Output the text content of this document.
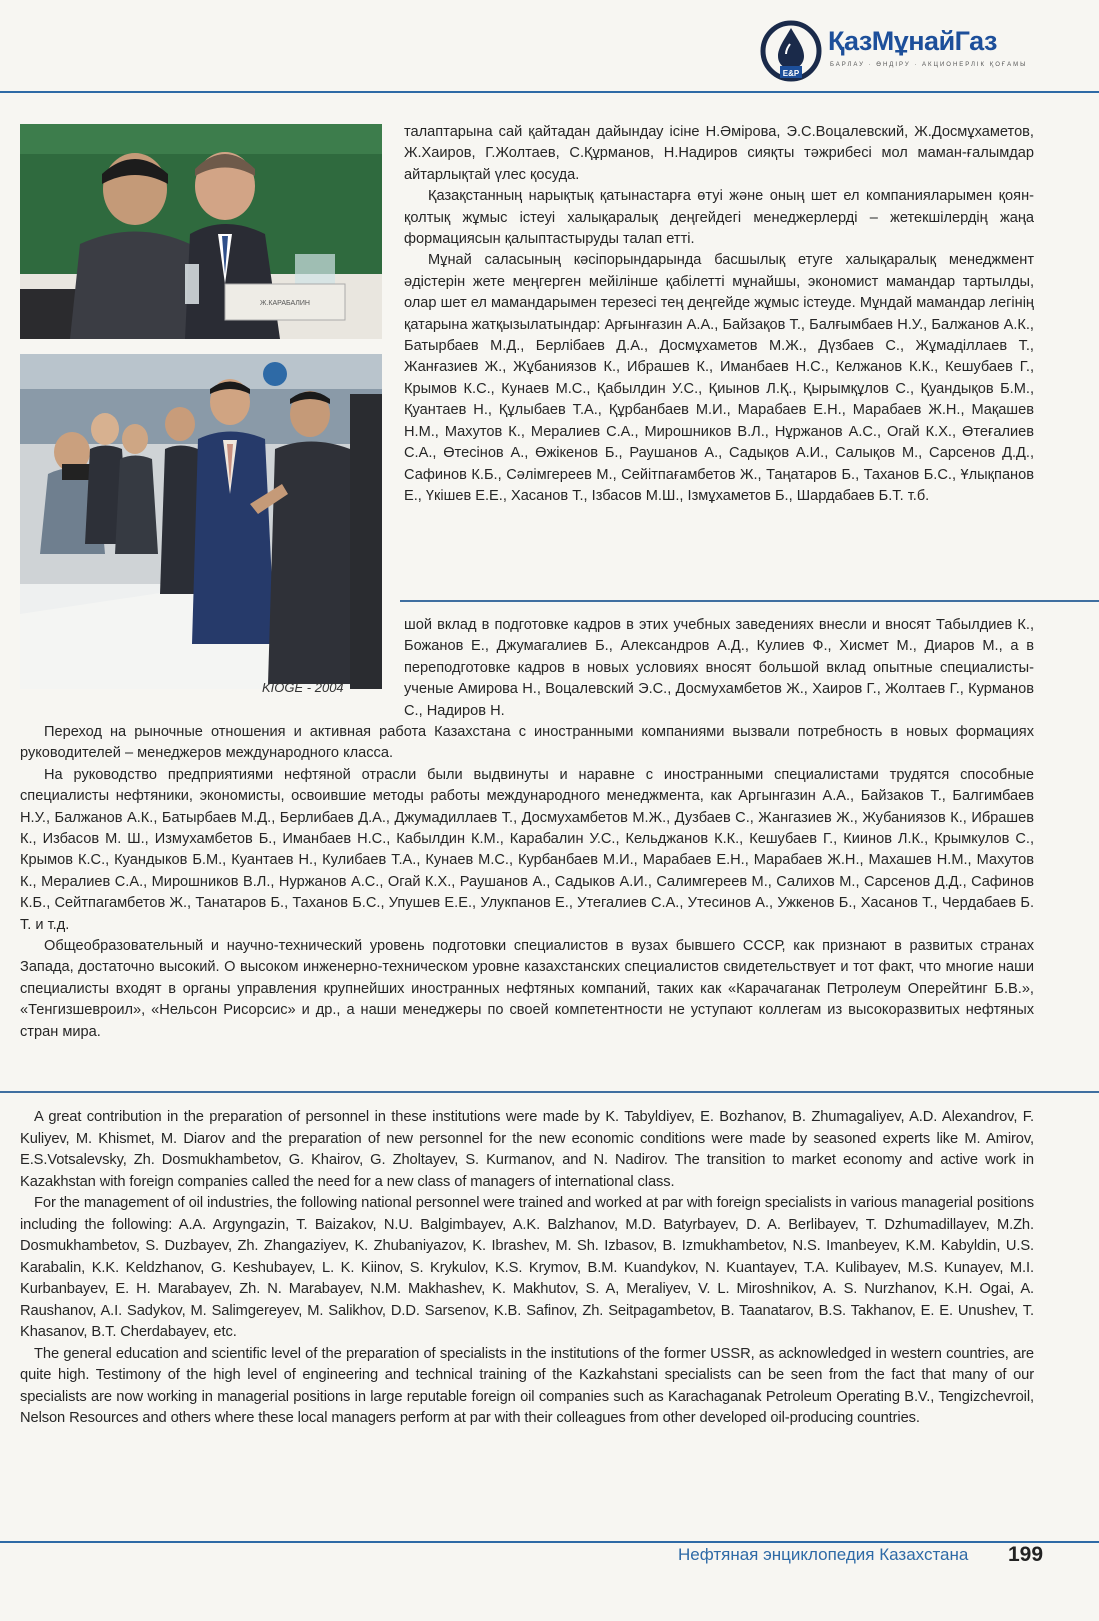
E&P
ҚазМұнайГаз
БАРЛАУ · ӨНДІРУ · АКЦИОНЕРЛІК ҚОҒАМЫ
Ж.КАРАБАЛИН
KIOGE - 2004

талаптарына сай қайтадан дайындау ісіне Н.Әмірова, Э.С.Воцалевский, Ж.Досмұхаметов, Ж.Хаиров, Г.Жолтаев, С.Құрманов, Н.Надиров сияқты тәжрибесі мол маман-ғалымдар айтарлықтай үлес қосуда.

Қазақстанның нарықтық қатынастарға өтуі және оның шет ел компанияларымен қоян-қолтық жұмыс істеуі халықаралық деңгейдегі менеджерлерді – жетекшілердің жаңа формациясын қалыптастыруды талап етті.

Мұнай саласының кәсіпорындарында басшылық етуге халықаралық менеджмент әдістерін жете меңгерген мейілінше қабілетті мұнайшы, экономист мамандар тартылды, олар шет ел мамандарымен терезесі тең деңгейде жұмыс істеуде. Мұндай мамандар легінің қатарына жатқызылатындар: Арғынғазин А.А., Байзақов Т., Балғымбаев Н.У., Балжанов А.К., Батырбаев М.Д., Берлібаев Д.А., Досмұхаметов М.Ж., Дүзбаев С., Жұмаділлаев Т., Жанғазиев Ж., Жұбаниязов К., Ибрашев К., Иманбаев Н.С., Келжанов К.К., Кешубаев Г., Крымов К.С., Кунаев М.С., Қабылдин У.С., Қиынов Л.Қ., Қырымқұлов С., Қуандықов Б.М., Қуантаев Н., Құлыбаев Т.А., Құрбанбаев М.И., Марабаев Е.Н., Марабаев Ж.Н., Мақашев Н.М., Махутов К., Мералиев С.А., Мирошников В.Л., Нұржанов А.С., Огай К.Х., Өтеғалиев С.А., Өтесінов А., Өжікенов Б., Раушанов А., Садықов А.И., Салықов М., Сарсенов Д.Д., Сафинов К.Б., Сәлімгереев М., Сейітпағамбетов Ж., Таңатаров Б., Таханов Б.С., Ұлықпанов Е., Үкішев Е.Е., Хасанов Т., Ізбасов М.Ш., Ізмұхаметов Б., Шардабаев Б.Т. т.б.

шой вклад в подготовке кадров в этих учебных заведениях внесли и вносят Табылдиев К., Божанов Е., Джумагалиев Б., Александров А.Д., Кулиев Ф., Хисмет М., Диаров М., а в переподготовке кадров в новых условиях вносят большой вклад опытные специалисты-ученые Амирова Н., Воцалевский Э.С., Досмухамбетов Ж., Хаиров Г., Жолтаев Г., Курманов С., Надиров Н.

Переход на рыночные отношения и активная работа Казахстана с иностранными компаниями вызвали потребность в новых формациях руководителей – менеджеров международного класса.

На руководство предприятиями нефтяной отрасли были выдвинуты и наравне с иностранными специалистами трудятся способные специалисты нефтяники, экономисты, освоившие методы работы международного менеджмента, как Аргынгазин А.А., Байзаков Т., Балгимбаев Н.У., Балжанов А.К., Батырбаев М.Д., Берлибаев Д.А., Джумадиллаев Т., Досмухамбетов М.Ж., Дузбаев С., Жангазиев Ж., Жубаниязов К., Ибрашев К., Избасов М. Ш., Измухамбетов Б., Иманбаев Н.С., Кабылдин К.М., Карабалин У.С., Кельджанов К.К., Кешубаев Г., Киинов Л.К., Крымкулов С., Крымов К.С., Куандыков Б.М., Куантаев Н., Кулибаев Т.А., Кунаев М.С., Курбанбаев М.И., Марабаев Е.Н., Марабаев Ж.Н., Махашев Н.М., Махутов К., Мералиев С.А., Мирошников В.Л., Нуржанов А.С., Огай К.Х., Раушанов А., Садыков А.И., Салимгереев М., Салихов М., Сарсенов Д.Д., Сафинов К.Б., Сейтпагамбетов Ж., Танатаров Б., Таханов Б.С., Упушев Е.Е., Улукпанов Е., Утегалиев С.А., Утесинов А., Ужкенов Б., Хасанов Т., Чердабаев Б. Т. и т.д.

Общеобразовательный и научно-технический уровень подготовки специалистов в вузах бывшего СССР, как признают в развитых странах Запада, достаточно высокий. О высоком инженерно-техническом уровне казахстанских специалистов свидетельствует и тот факт, что многие наши специалисты входят в органы управления крупнейших иностранных нефтяных компаний, таких как «Карачаганак Петролеум Оперейтинг Б.В.», «Тенгизшевроил», «Нельсон Рисорсис» и др., а наши менеджеры по своей компетентности не уступают коллегам из высокоразвитых нефтяных стран мира.

A great contribution in the preparation of personnel in these institutions were made by K. Tabyldiyev, E. Bozhanov, B. Zhumagaliyev, A.D. Alexandrov, F. Kuliyev, M. Khismet, M. Diarov and the preparation of new personnel for the new economic conditions were made by seasoned experts like M. Amirov, E.S.Votsalevsky, Zh. Dosmukhambetov, G. Khairov, G. Zholtayev, S. Kurmanov, and N. Nadirov. The transition to market economy and active work in Kazakhstan with foreign companies called the need for a new class of managers of international class.

For the management of oil industries, the following national personnel were trained and worked at par with foreign specialists in various managerial positions including the following: A.A. Argyngazin, T. Baizakov, N.U. Balgimbayev, A.K. Balzhanov, M.D. Batyrbayev, D. A. Berlibayev, T. Dzhumadillayev, M.Zh. Dosmukhambetov, S. Duzbayev, Zh. Zhangaziyev, K. Zhubaniyazov, K. Ibrashev, M. Sh. Izbasov, B. Izmukhambetov, N.S. Imanbeyev, K.M. Kabyldin, U.S. Karabalin, K.K. Keldzhanov, G. Keshubayev, L. K. Kiinov, S. Krykulov, K.S. Krymov, B.M. Kuandykov, N. Kuantayev, T.A. Kulibayev, M.S. Kunayev, M.I. Kurbanbayev, E. H. Marabayev, Zh. N. Marabayev, N.M. Makhashev, K. Makhutov, S. A, Meraliyev, V. L. Miroshnikov, A. S. Nurzhanov, K.H. Ogai, A. Raushanov, A.I. Sadykov, M. Salimgereyev, M. Salikhov, D.D. Sarsenov, K.B. Safinov, Zh. Seitpagambetov, B. Taanatarov, B.S. Takhanov, E. E. Unushev, T. Khasanov, B.T. Cherdabayev, etc.

The general education and scientific level of the preparation of specialists in the institutions of the former USSR, as acknowledged in western countries, are quite high. Testimony of the high level of engineering and technical training of the Kazkahstani specialists can be seen from the fact that many of our specialists are now working in managerial positions in large reputable foreign oil companies such as Karachaganak Petroleum Operating B.V., Tengizchevroil, Nelson Resources and others where these local managers perform at par with their colleagues from other developed oil-producing countries.

Нефтяная энциклопедия Казахстана 199
